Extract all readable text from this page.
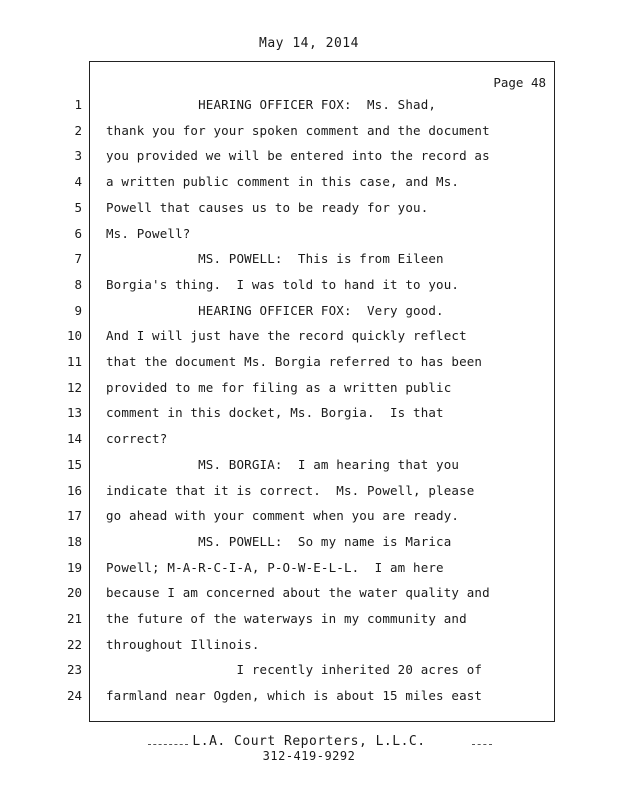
May 14, 2014
Page 48
1 HEARING OFFICER FOX:  Ms. Shad,
2 thank you for your spoken comment and the document
3 you provided we will be entered into the record as
4 a written public comment in this case, and Ms.
5 Powell that causes us to be ready for you.
6 Ms. Powell?
7 MS. POWELL:  This is from Eileen
8 Borgia's thing.  I was told to hand it to you.
9 HEARING OFFICER FOX:  Very good.
10 And I will just have the record quickly reflect
11 that the document Ms. Borgia referred to has been
12 provided to me for filing as a written public
13 comment in this docket, Ms. Borgia.  Is that
14 correct?
15 MS. BORGIA:  I am hearing that you
16 indicate that it is correct.  Ms. Powell, please
17 go ahead with your comment when you are ready.
18 MS. POWELL:  So my name is Marica
19 Powell; M-A-R-C-I-A, P-O-W-E-L-L.  I am here
20 because I am concerned about the water quality and
21 the future of the waterways in my community and
22 throughout Illinois.
23 I recently inherited 20 acres of
24 farmland near Ogden, which is about 15 miles east
L.A. Court Reporters, L.L.C.
312-419-9292
